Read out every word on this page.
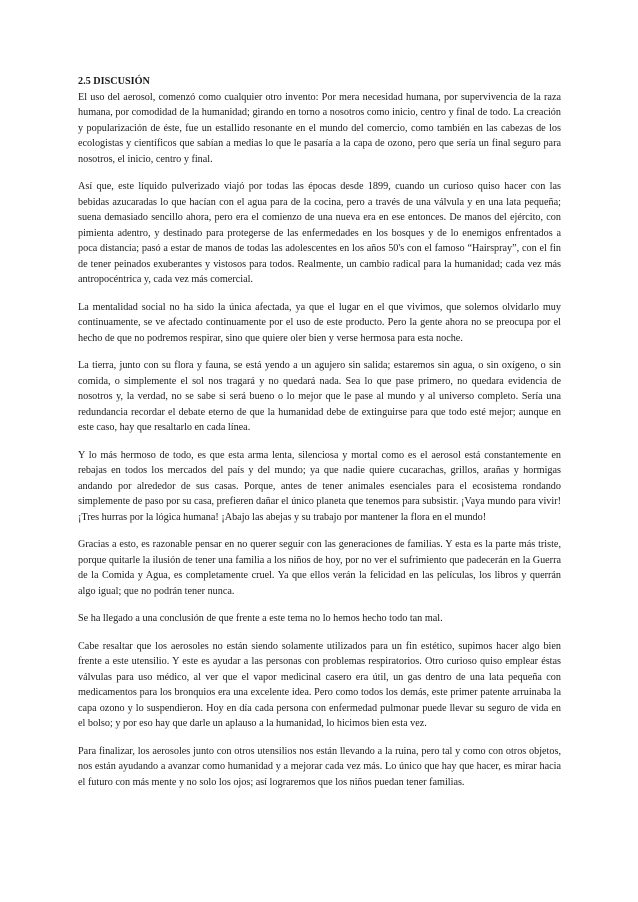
2.5 DISCUSIÓN

El uso del aerosol, comenzó como cualquier otro invento: Por mera necesidad humana, por supervivencia de la raza humana, por comodidad de la humanidad; girando en torno a nosotros como inicio, centro y final de todo. La creación y popularización de éste, fue un estallido resonante en el mundo del comercio, como también en las cabezas de los ecologistas y científicos que sabían a medias lo que le pasaría a la capa de ozono, pero que sería un final seguro para nosotros, el inicio, centro y final.

Así que, este líquido pulverizado viajó por todas las épocas desde 1899, cuando un curioso quiso hacer con las bebidas azucaradas lo que hacían con el agua para de la cocina, pero a través de una válvula y en una lata pequeña; suena demasiado sencillo ahora, pero era el comienzo de una nueva era en ese entonces. De manos del ejército, con pimienta adentro, y destinado para protegerse de las enfermedades en los bosques y de lo enemigos enfrentados a poca distancia; pasó a estar de manos de todas las adolescentes en los años 50's con el famoso “Hairspray”, con el fin de tener peinados exuberantes y vistosos para todos. Realmente, un cambio radical para la humanidad; cada vez más antropocéntrica y, cada vez más comercial.

La mentalidad social no ha sido la única afectada, ya que el lugar en el que vivimos, que solemos olvidarlo muy continuamente, se ve afectado continuamente por el uso de este producto. Pero la gente ahora no se preocupa por el hecho de que no podremos respirar, sino que quiere oler bien y verse hermosa para esta noche.

La tierra, junto con su flora y fauna, se está yendo a un agujero sin salida; estaremos sin agua, o sin oxígeno, o sin comida, o simplemente el sol nos tragará y no quedará nada. Sea lo que pase primero, no quedara evidencia de nosotros y, la verdad, no se sabe si será bueno o lo mejor que le pase al mundo y al universo completo. Sería una redundancia recordar el debate eterno de que la humanidad debe de extinguirse para que todo esté mejor; aunque en este caso, hay que resaltarlo en cada línea.

Y lo más hermoso de todo, es que esta arma lenta, silenciosa y mortal como es el aerosol está constantemente en rebajas en todos los mercados del país y del mundo; ya que nadie quiere cucarachas, grillos, arañas y hormigas andando por alrededor de sus casas. Porque, antes de tener animales esenciales para el ecosistema rondando simplemente de paso por su casa, prefieren dañar el único planeta que tenemos para subsistir. ¡Vaya mundo para vivir! ¡Tres hurras por la lógica humana! ¡Abajo las abejas y su trabajo por mantener la flora en el mundo!

Gracias a esto, es razonable pensar en no querer seguir con las generaciones de familias. Y esta es la parte más triste, porque quitarle la ilusión de tener una familia a los niños de hoy, por no ver el sufrimiento que padecerán en la Guerra de la Comida y Agua, es completamente cruel. Ya que ellos verán la felicidad en las películas, los libros y querrán algo igual; que no podrán tener nunca.

Se ha llegado a una conclusión de que frente a este tema no lo hemos hecho todo tan mal.

Cabe resaltar que los aerosoles no están siendo solamente utilizados para un fin estético, supimos hacer algo bien frente a este utensilio. Y este es ayudar a las personas con problemas respiratorios. Otro curioso quiso emplear éstas válvulas para uso médico, al ver que el vapor medicinal casero era útil, un gas dentro de una lata pequeña con medicamentos para los bronquios era una excelente idea. Pero como todos los demás, este primer patente arruinaba la capa ozono y lo suspendieron. Hoy en día cada persona con enfermedad pulmonar puede llevar su seguro de vida en el bolso; y por eso hay que darle un aplauso a la humanidad, lo hicimos bien esta vez.

Para finalizar, los aerosoles junto con otros utensilios nos están llevando a la ruina, pero tal y como con otros objetos, nos están ayudando a avanzar como humanidad y a mejorar cada vez más. Lo único que hay que hacer, es mirar hacia el futuro con más mente y no solo los ojos; así lograremos que los niños puedan tener familias.
